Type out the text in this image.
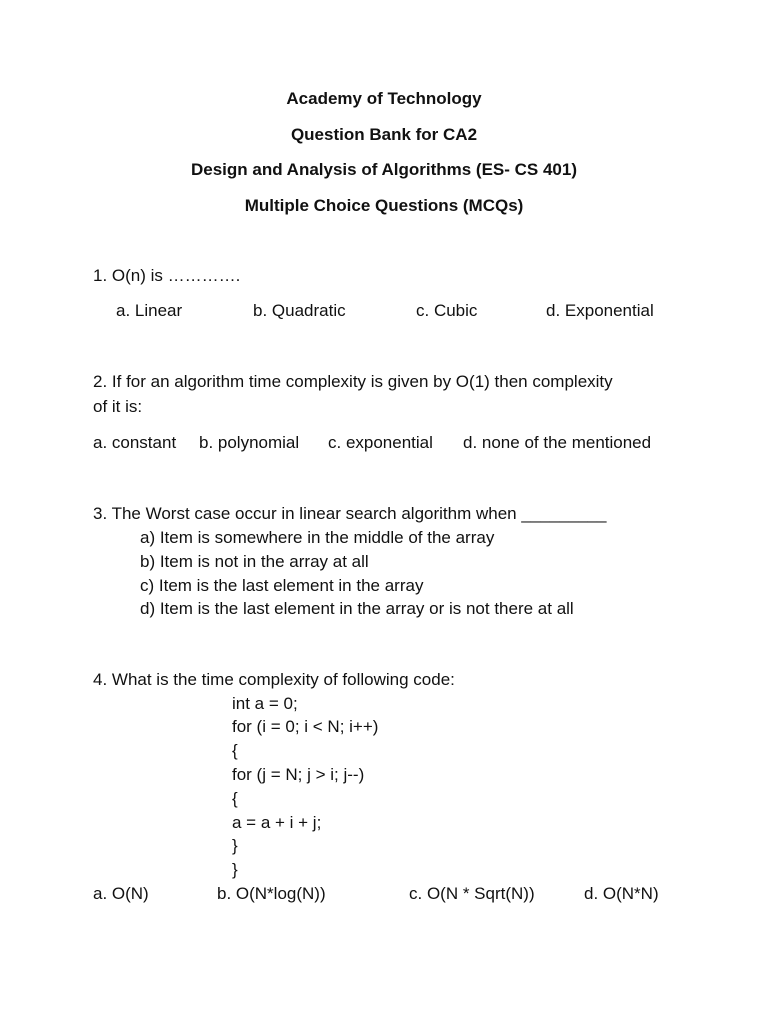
Academy of Technology
Question Bank for CA2
Design and Analysis of Algorithms (ES- CS 401)
Multiple Choice Questions (MCQs)
1. O(n) is ………….
a. Linear	b. Quadratic	c. Cubic	d. Exponential
2. If for an algorithm time complexity is given by O(1) then complexity
of it is:
a. constant b. polynomial c. exponential d. none of the mentioned
3. The Worst case occur in linear search algorithm when _________
a) Item is somewhere in the middle of the array
b) Item is not in the array at all
c) Item is the last element in the array
d) Item is the last element in the array or is not there at all
4. What is the time complexity of following code:
int a = 0;
for (i = 0; i < N; i++)
{
for (j = N; j > i; j--)
{
a = a + i + j;
}
}
a. O(N)	b. O(N*log(N))	c. O(N * Sqrt(N))	d. O(N*N)
